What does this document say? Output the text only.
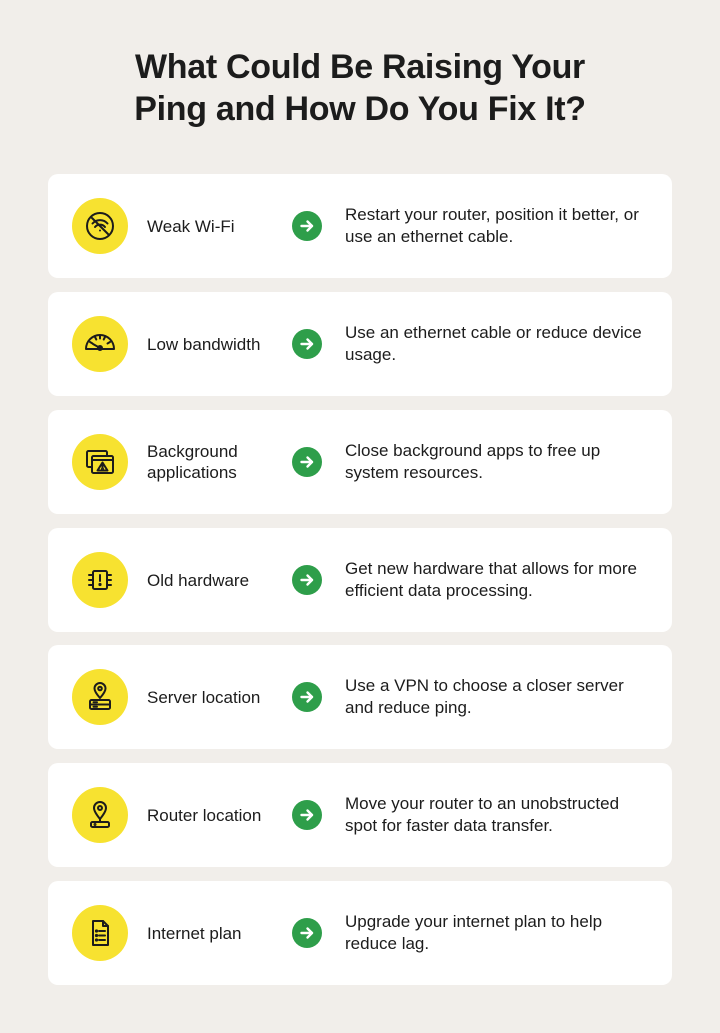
What Could Be Raising Your
Ping and How Do You Fix It?
Weak Wi-Fi
Restart your router, position it better, or use an ethernet cable.
Low bandwidth
Use an ethernet cable or reduce device usage.
Background applications
Close background apps to free up system resources.
Old hardware
Get new hardware that allows for more efficient data processing.
Server location
Use a VPN to choose a closer server and reduce ping.
Router location
Move your router to an unobstructed spot for faster data transfer.
Internet plan
Upgrade your internet plan to help reduce lag.
